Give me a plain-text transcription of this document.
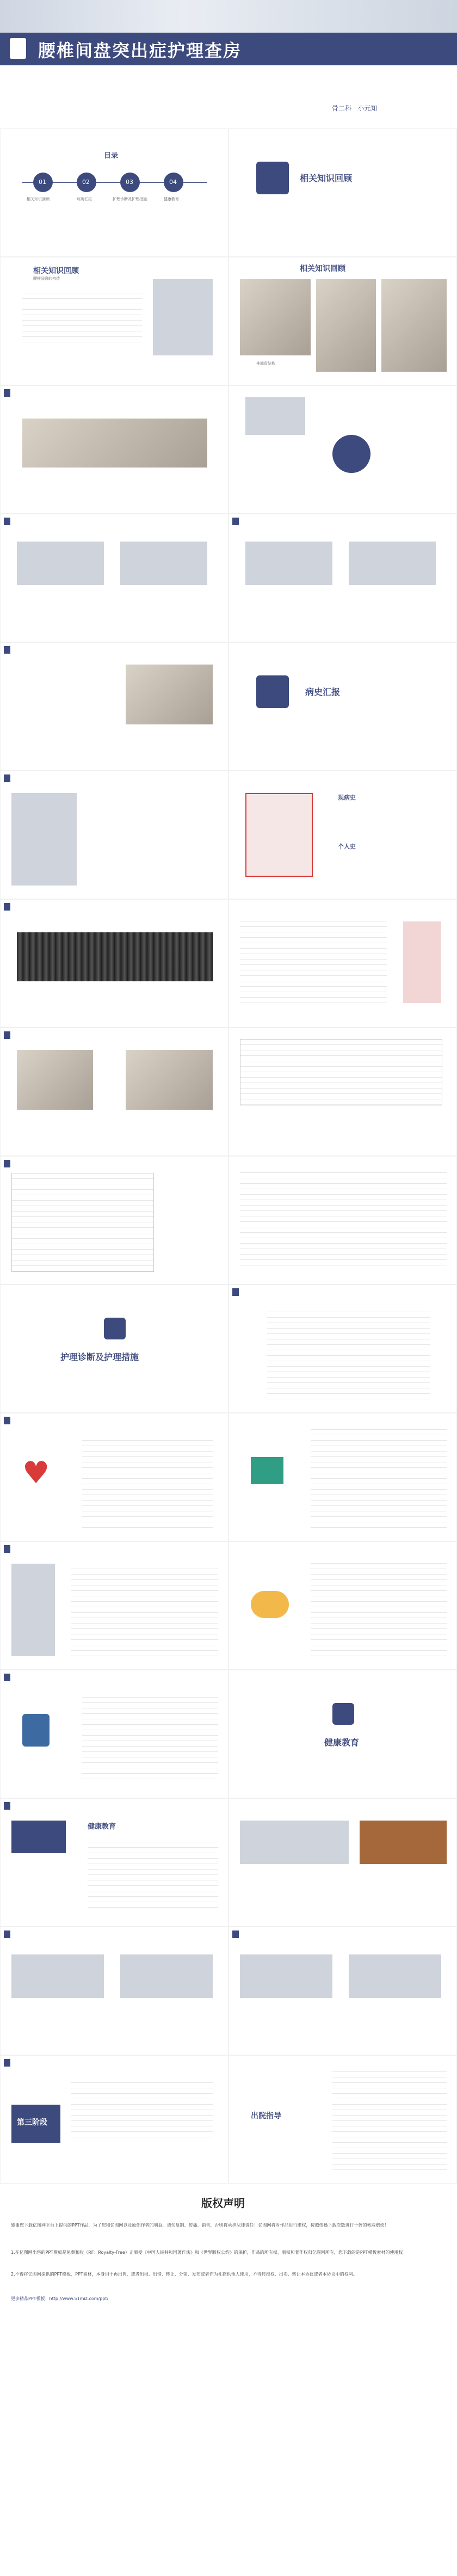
腰椎间盘突出症护理查房
骨二科 小元知
目录
01	02	03	04
相关知识回顾	病历汇报	护理诊断及护理措施	健康教育
相关知识回顾
相关知识回顾
腰椎间盘的构造
相关知识回顾
椎间盘结构
病史汇报
现病史
个人史
护理诊断及护理措施
♥
健康教育
健康教育
第三阶段
出院指导
版权声明
感谢您下载亿图网平台上提供的PPT作品，为了您和亿图网以及原创作者的利益，请勿复制、传播、销售，否则将承担法律责任！亿图网将对作品进行维权，按照传播下载次数进行十倍的索取赔偿！
1.在亿图网出售的PPT模板是免费和收（RF：Royalty-Free）正版受《中国人民共和国著作法》和《世界版权公约》的保护，作品的所有权、版权和著作权归亿图网所有，您下载的是PPT模板素材的使用权。
2.不得将亿图网提供的PPT模板、PPT素材，本身用于再出售，或者出租、出借、转让、分销、发布或者作为礼物供他人使用，不得转授权、出卖、转让本协议或者本协议中的权利。
更多精品PPT模板：http://www.51miz.com/ppt/
